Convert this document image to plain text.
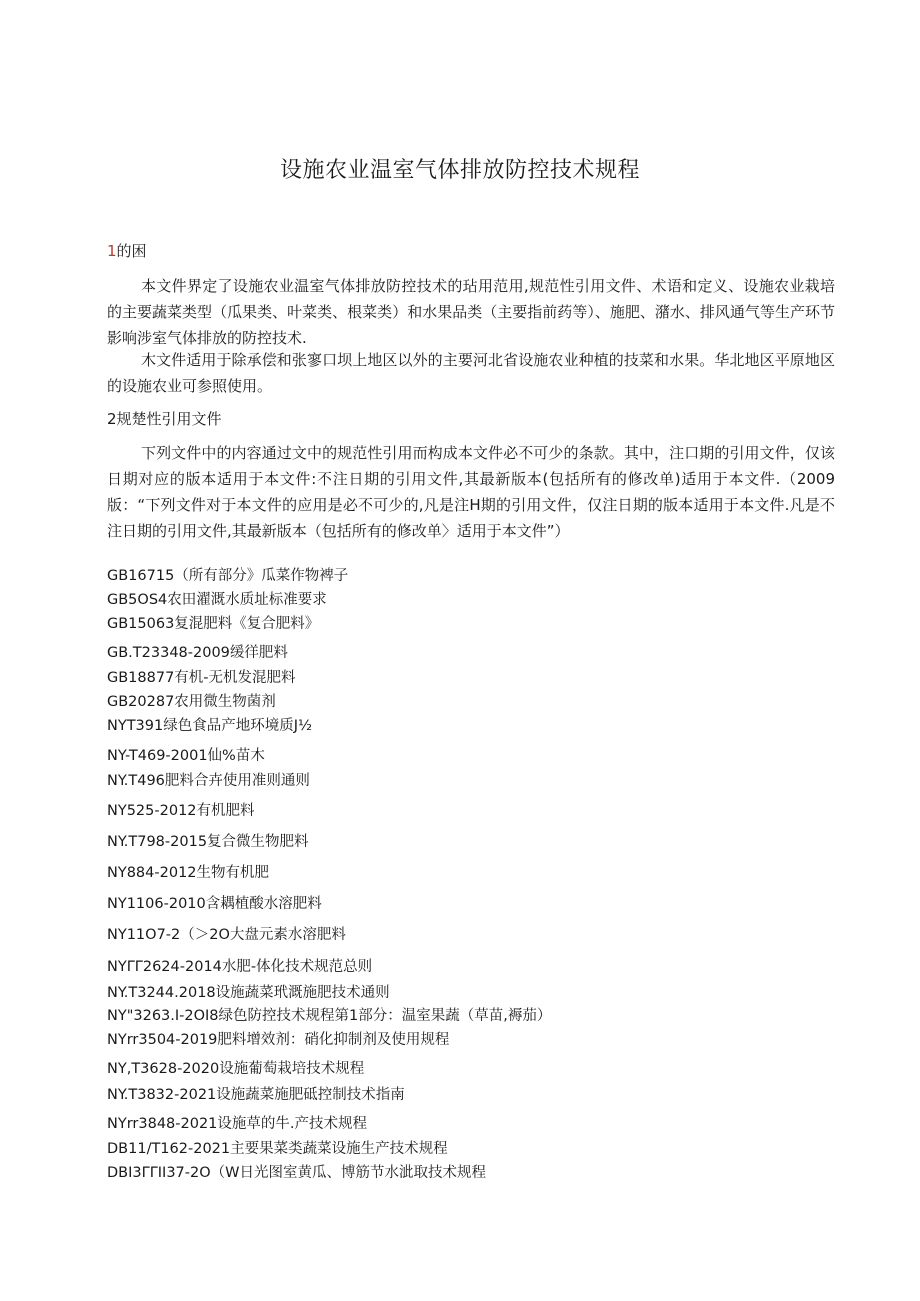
设施农业温室气体排放防控技术规程
1的困

本文件界定了设施农业温室气体排放防控技术的玷用范用,规范性引用文件、术语和定义、设施农业栽培的主要蔬菜类型（瓜果类、叶菜类、根菜类）和水果品类（主要指前药等）、施肥、潴水、排风通气等生产环节影响涉室气体排放的防控技术.

木文件适用于除承偿和张寥口坝上地区以外的主要河北省设施农业种植的技菜和水果。华北地区平原地区的设施农业可参照使用。

2规楚性引用文件

下列文件中的内容通过文中的规范性引用而构成本文件必不可少的条款。其中，注口期的引用文件，仅该日期对应的版本适用于本文件:不注日期的引用文件,其最新版本(包括所有的修改单)适用于本文件.（2009版：“下列文件对于本文件的应用是必不可少的,凡是注H期的引用文件，仅注日期的版本适用于本文件.凡是不注日期的引用文件,其最新版本（包括所有的修改单〉适用于本文件”）

GB16715（所有部分》瓜菜作物裨子
GB5OS4农田濯溉水质址标准要求
GB15063复混肥料《复合肥料》
GB.T23348-2009缓徉肥料
GB18877有机-无机发混肥料
GB20287农用微生物菌剂
NYT391绿色食品产地环境质J½
NY-T469-2001仙%苗木
NY.T496肥料合卉使用准则通则
NY525-2012有机肥料
NY.T798-2015复合微生物肥料
NY884-2012生物有机肥
NY1106-2010含耦植酸水溶肥料
NY11O7-2（＞2O大盘元素水溶肥料
NYΓΓ2624-2014水肥-体化技术规范总则
NY.T3244.2018设施蔬菜玳溉施肥技术通则
NY"3263.I-2OI8绿色防控技术规程第1部分：温室果蔬（草苗,褥茄）
NYrr3504-2019肥料增效剂：硝化抑制剂及使用规程
NY,T3628-2020设施葡萄栽培技术规程
NY.T3832-2021设施蔬菜施肥砥控制技术指南
NYrr3848-2021设施草的牛.产技术规程
DB11/T162-2021主要果菜类蔬菜设施生产技术规程
DBI3ΓΓII37-2O（W日光图室黄瓜、博筋节水泚取技术规程
